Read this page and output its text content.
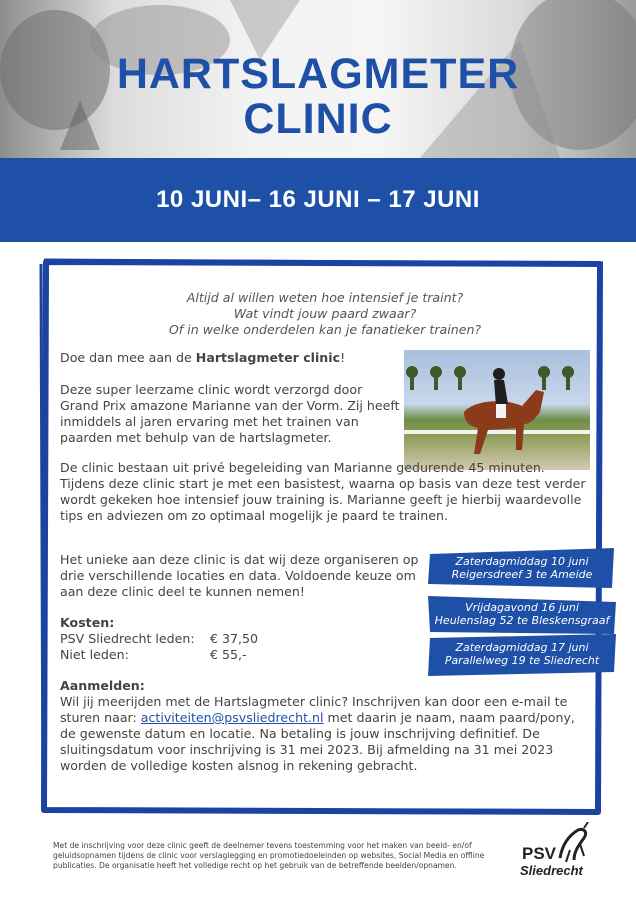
HARTSLAGMETER
CLINIC
10 JUNI– 16 JUNI – 17 JUNI
Altijd al willen weten hoe intensief je traint?
Wat vindt jouw paard zwaar?
Of in welke onderdelen kan je fanatieker trainen?
Doe dan mee aan de Hartslagmeter clinic!
Deze super leerzame clinic wordt verzorgd door Grand Prix amazone Marianne van der Vorm. Zij heeft inmiddels al jaren ervaring met het trainen van paarden met behulp van de hartslagmeter.
De clinic bestaan uit privé begeleiding van Marianne gedurende 45 minuten. Tijdens deze clinic start je met een basistest, waarna op basis van deze test verder wordt gekeken hoe intensief jouw training is. Marianne geeft je hierbij waardevolle tips en adviezen om zo optimaal mogelijk je paard te trainen.
Het unieke aan deze clinic is dat wij deze organiseren op drie verschillende locaties en data. Voldoende keuze om aan deze clinic deel te kunnen nemen!
Zaterdagmiddag 10 juni
Reigersdreef 3 te Ameide
Vrijdagavond 16 juni
Heulenslag 52 te Bleskensgraaf
Zaterdagmiddag 17 juni
Parallelweg 19 te Sliedrecht
Kosten:
PSV Sliedrecht leden:	€ 37,50
Niet leden:	€ 55,-
Aanmelden:
Wil jij meerijden met de Hartslagmeter clinic? Inschrijven kan door een e-mail te sturen naar: activiteiten@psvsliedrecht.nl met daarin je naam, naam paard/pony, de gewenste datum en locatie. Na betaling is jouw inschrijving definitief. De sluitingsdatum voor inschrijving is 31 mei 2023. Bij afmelding na 31 mei 2023 worden de volledige kosten alsnog in rekening gebracht.
Met de inschrijving voor deze clinic geeft de deelnemer tevens toestemming voor het maken van beeld- en/of geluidsopnamen tijdens de clinic voor verslaglegging en promotiedoeleinden op websites, Social Media en offline publicaties. De organisatie heeft het volledige recht op het gebruik van de betreffende beelden/opnamen.
PSV
Sliedrecht
